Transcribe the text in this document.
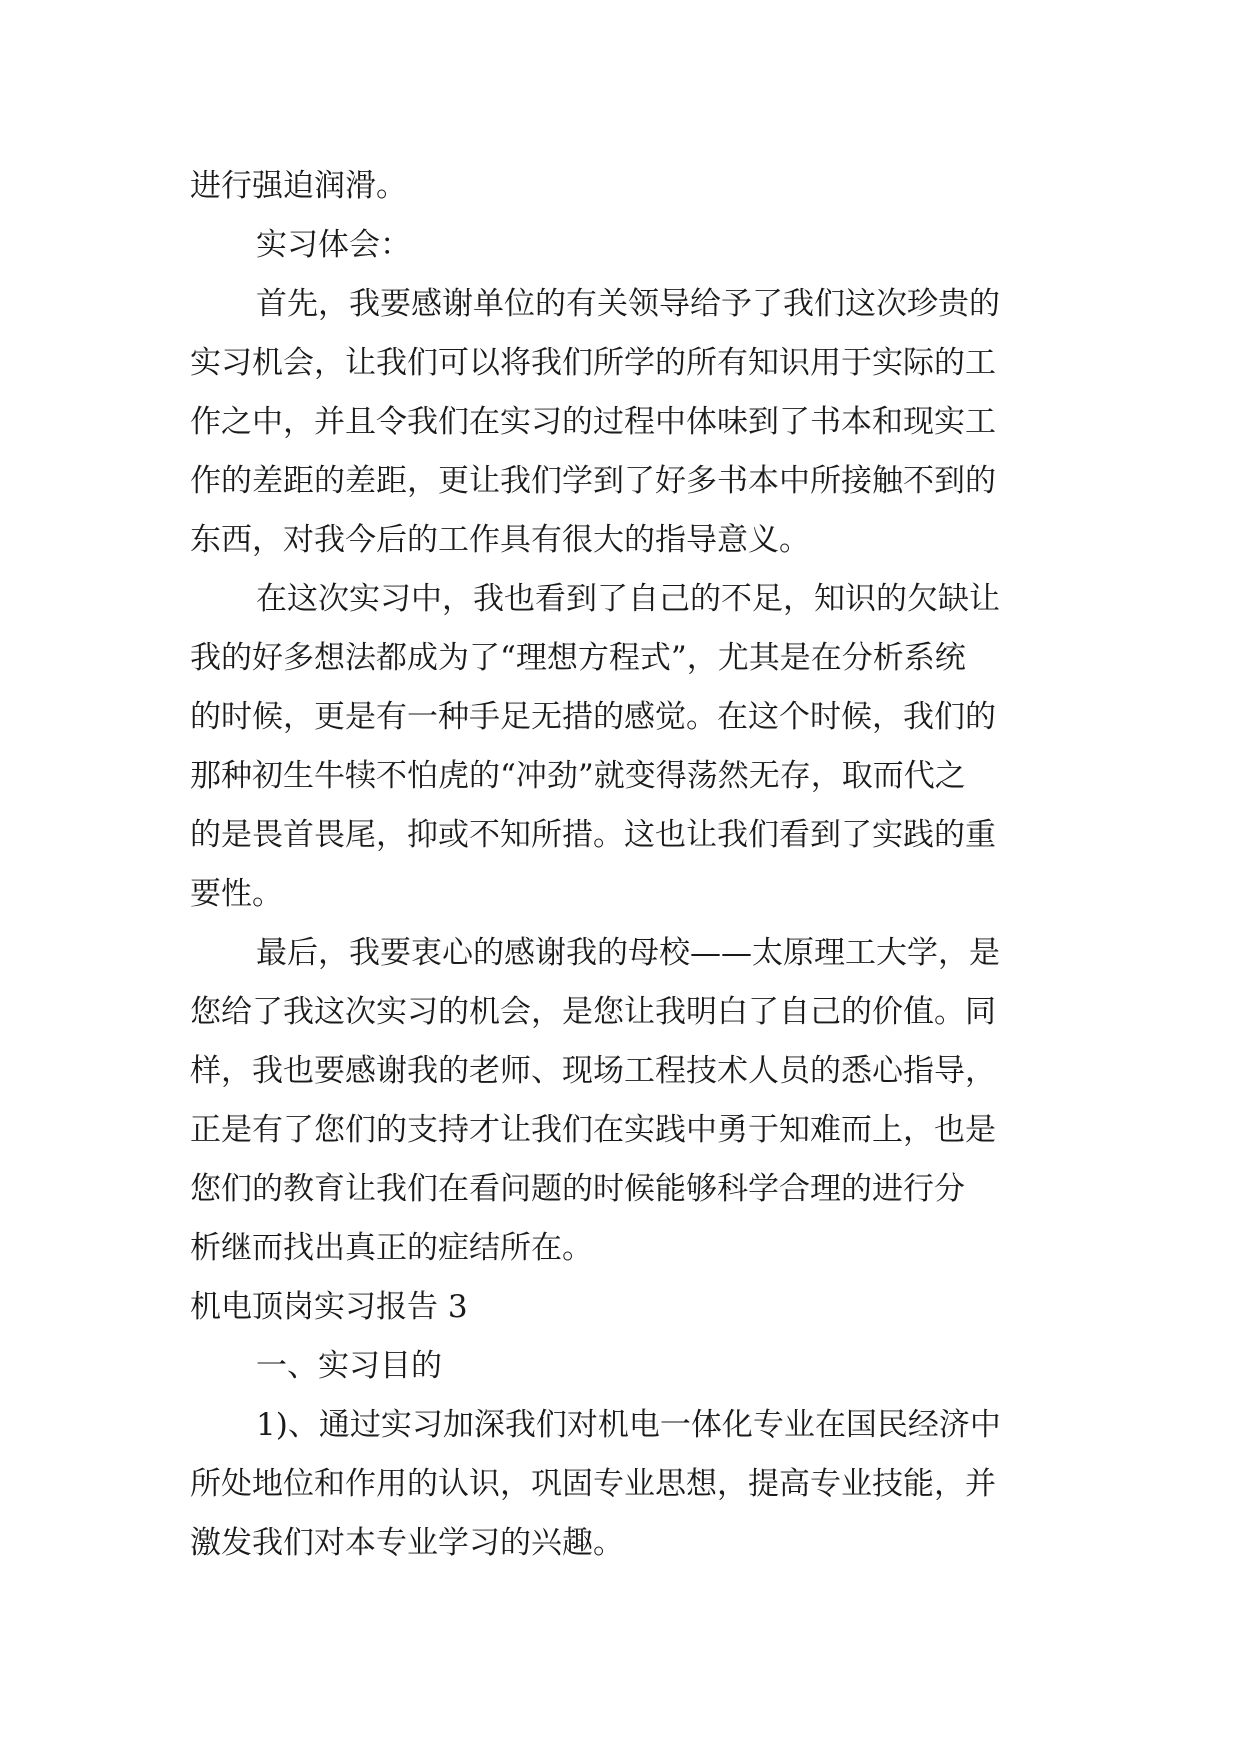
进行强迫润滑。
实习体会：
首先，我要感谢单位的有关领导给予了我们这次珍贵的
实习机会，让我们可以将我们所学的所有知识用于实际的工
作之中，并且令我们在实习的过程中体味到了书本和现实工
作的差距的差距，更让我们学到了好多书本中所接触不到的
东西，对我今后的工作具有很大的指导意义。
在这次实习中，我也看到了自己的不足，知识的欠缺让
我的好多想法都成为了“理想方程式”，尤其是在分析系统
的时候，更是有一种手足无措的感觉。在这个时候，我们的
那种初生牛犊不怕虎的“冲劲”就变得荡然无存，取而代之
的是畏首畏尾，抑或不知所措。这也让我们看到了实践的重
要性。
最后，我要衷心的感谢我的母校——太原理工大学，是
您给了我这次实习的机会，是您让我明白了自己的价值。同
样，我也要感谢我的老师、现场工程技术人员的悉心指导，
正是有了您们的支持才让我们在实践中勇于知难而上，也是
您们的教育让我们在看问题的时候能够科学合理的进行分
析继而找出真正的症结所在。
机电顶岗实习报告 3
一、实习目的
1)、通过实习加深我们对机电一体化专业在国民经济中
所处地位和作用的认识，巩固专业思想，提高专业技能，并
激发我们对本专业学习的兴趣。
